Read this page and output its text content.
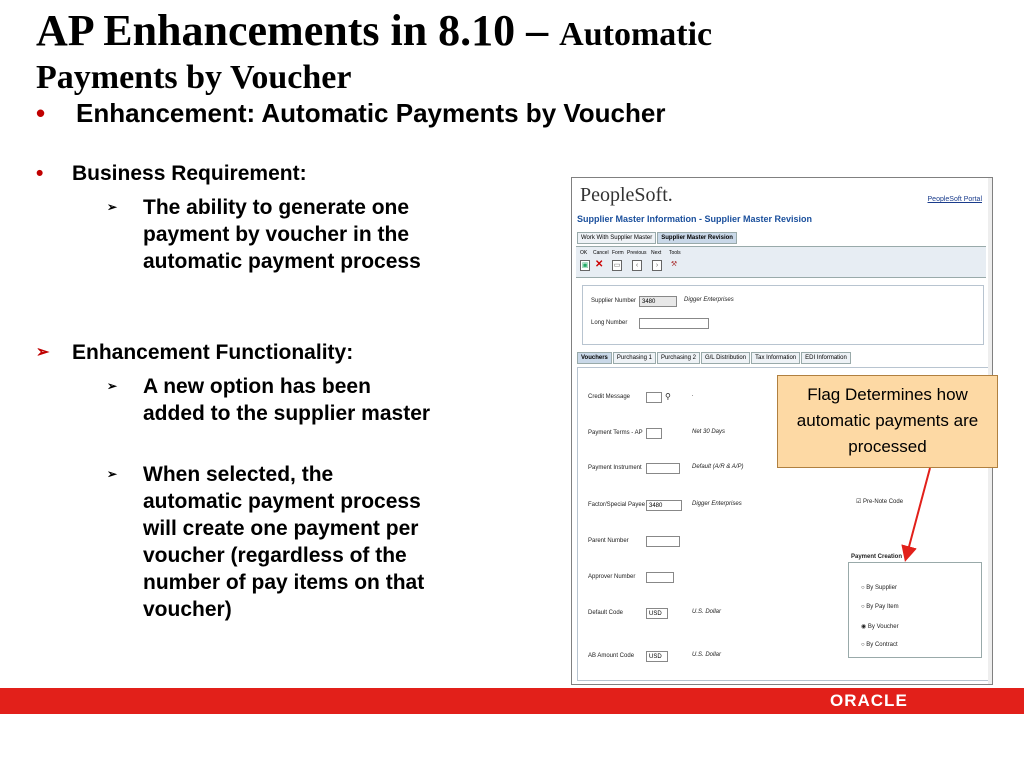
AP Enhancements in 8.10 – Automatic
Payments by Voucher
• Enhancement: Automatic Payments by Voucher
• Business Requirement:
➢ The ability to generate one payment by voucher in the automatic payment process
➢ Enhancement Functionality:
➢ A new option has been added to the supplier master
➢ When selected, the automatic payment process will create one payment per voucher (regardless of the number of pay items on that voucher)
PeopleSoft.	PeopleSoft Portal
Supplier Master Information - Supplier Master Revision
Work With Supplier Master	Supplier Master Revision
OK Cancel Form Previous Next Tools
▣ ✕ ▭	‹	›	⚒
Supplier Number 3480	Digger Enterprises
Long Number
Vouchers	Purchasing 1	Purchasing 2	G/L Distribution	Tax Information	EDI Information
Credit Message	⚲	.
Payment Terms - AP	Net 30 Days
Payment Instrument	Default (A/R & A/P)
Factor/Special Payee 3480	Digger Enterprises
Parent Number
Approver Number
Default Code	USD	U.S. Dollar
AB Amount Code	USD	U.S. Dollar
☑ Pre-Note Code
Payment Creation
○ By Supplier
○ By Pay Item
◉ By Voucher
○ By Contract
Flag Determines how automatic payments are processed
ORACLE
